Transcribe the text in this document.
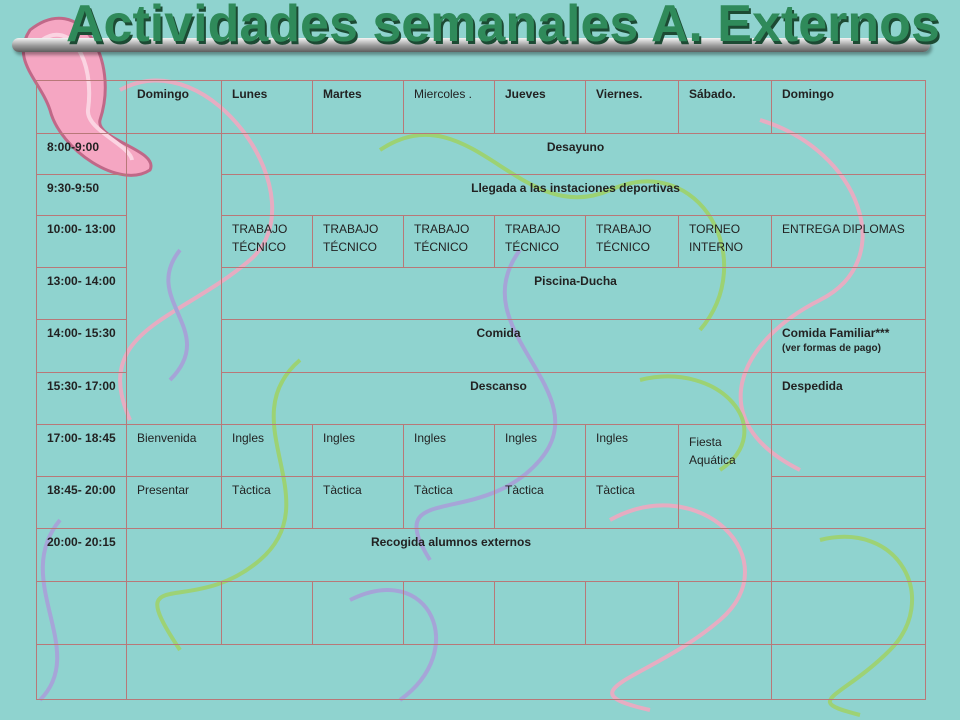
Actividades semanales A. Externos
	Domingo	Lunes	Martes	Miercoles .	Jueves	Viernes.	Sábado.	Domingo
8:00-9:00		Desayuno						
9:30-9:50		Llegada a las instaciones deportivas						
10:00- 13:00		TRABAJO TÉCNICO	TRABAJO TÉCNICO	TRABAJO TÉCNICO	TRABAJO TÉCNICO	TRABAJO TÉCNICO	TORNEO INTERNO	ENTREGA DIPLOMAS
13:00- 14:00		Piscina-Ducha						
14:00- 15:30		Comida						Comida Familiar***
(ver formas de pago)

15:30- 17:00		Descanso						Despedida
17:00- 18:45	Bienvenida	Ingles	Ingles	Ingles	Ingles	Ingles	Fiesta Aquática	
18:45- 20:00	Presentar	Tàctica	Tàctica	Tàctica	Tàctica	Tàctica		
20:00- 20:15	Recogida alumnos externos							
